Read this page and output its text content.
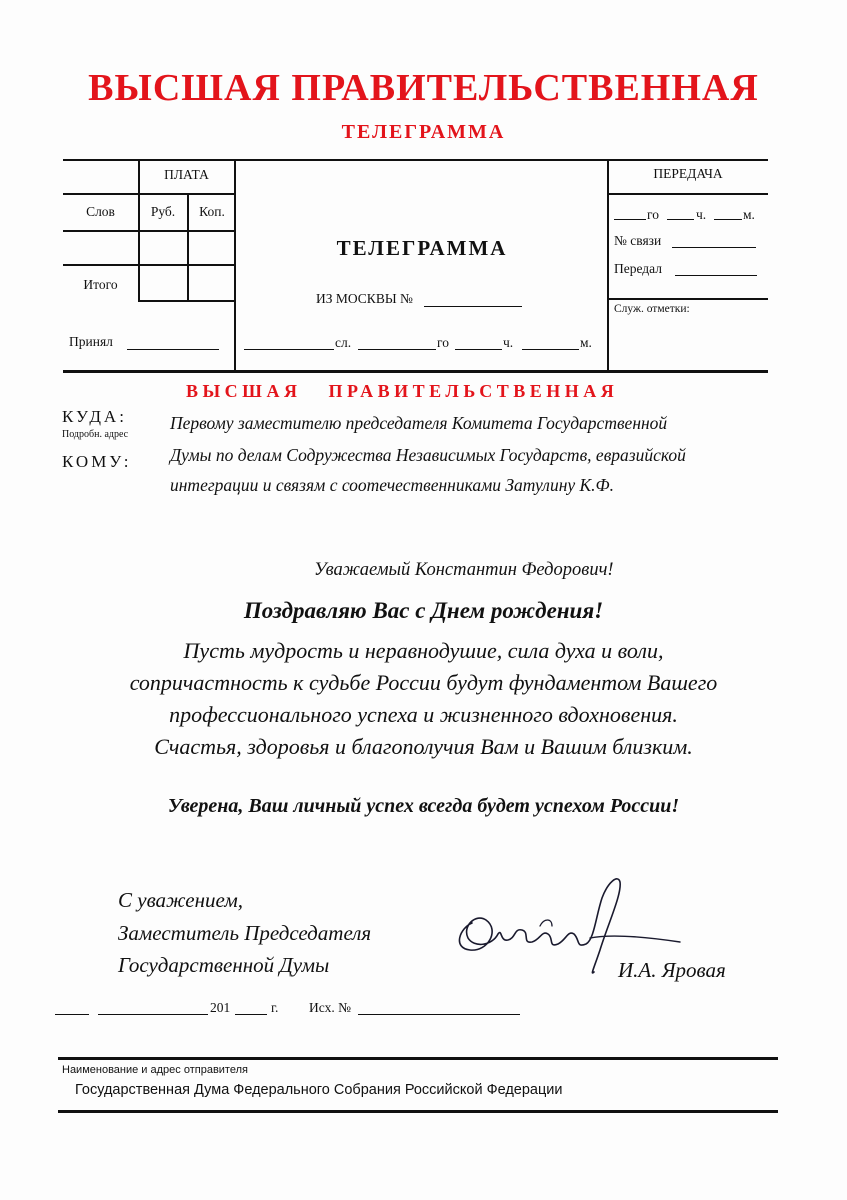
ВЫСШАЯ ПРАВИТЕЛЬСТВЕННАЯ
ТЕЛЕГРАММА
ПЛАТА
Слов	Руб.	Коп.
Итого
Принял
ТЕЛЕГРАММА
ИЗ МОСКВЫ №
сл.	го	ч.	м.
ПЕРЕДАЧА
го	ч.	м.
№ связи
Передал
Служ. отметки:
ВЫСШАЯ   ПРАВИТЕЛЬСТВЕННАЯ
КУДА:
Подробн. адрес
КОМУ:
Первому заместителю председателя Комитета Государственной
Думы по делам Содружества Независимых Государств, евразийской
интеграции и связям с соотечественниками Затулину К.Ф.
Уважаемый Константин Федорович!
Поздравляю Вас с Днем рождения!
Пусть мудрость и неравнодушие, сила духа и воли,
сопричастность к судьбе России будут фундаментом Вашего
профессионального успеха и жизненного вдохновения.
Счастья, здоровья и благополучия Вам и Вашим близким.
Уверена, Ваш личный успех всегда будет успехом России!
С уважением,
Заместитель Председателя
Государственной Думы	И.А. Яровая
201	г. Исх. №
Наименование и адрес отправителя
Государственная Дума Федерального Собрания Российской Федерации
